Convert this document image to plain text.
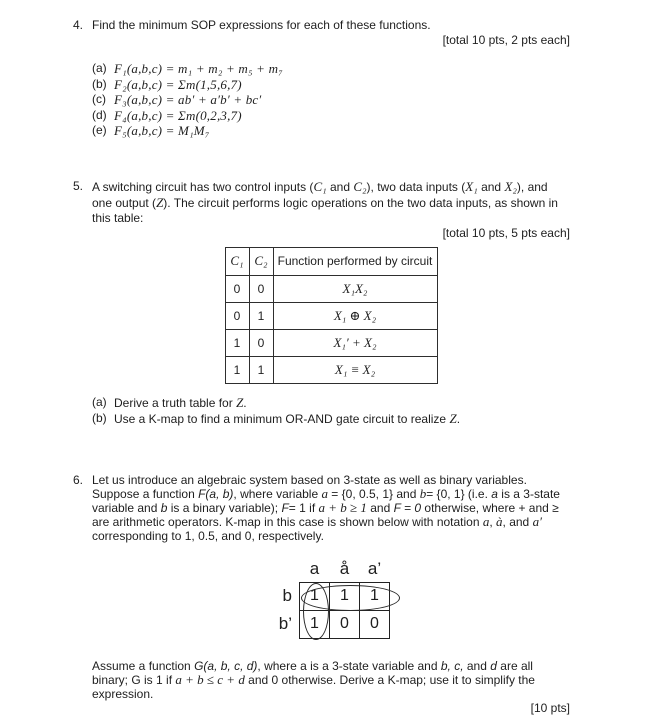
4. Find the minimum SOP expressions for each of these functions.

[total 10 pts, 2 pts each]

(a) F₁(a,b,c) = m₁ + m₂ + m₅ + m₇
(b) F₂(a,b,c) = Σm(1,5,6,7)
(c) F₃(a,b,c) = ab′ + a′b′ + bc′
(d) F₄(a,b,c) = Σm(0,2,3,7)
(e) F₅(a,b,c) = M₁M₇
5. A switching circuit has two control inputs (C₁ and C₂), two data inputs (X₁ and X₂), and one output (Z). The circuit performs logic operations on the two data inputs, as shown in this table:

[total 10 pts, 5 pts each]

C₁	C₂	Function performed by circuit
0	0	X₁X₂
0	1	X₁ ⊕ X₂
1	0	X₁′ + X₂
1	1	X₁ ≡ X₂
(a) Derive a truth table for Z.
(b) Use a K-map to find a minimum OR-AND gate circuit to realize Z.
6. Let us introduce an algebraic system based on 3-state as well as binary variables. Suppose a function F(a, b), where variable a = {0, 0.5, 1} and b= {0, 1} (i.e. a is a 3-state variable and b is a binary variable); F= 1 if a + b ≥ 1 and F = 0 otherwise, where + and ≥ are arithmetic operators. K-map in this case is shown below with notation a, à, and a′ corresponding to 1, 0.5, and 0, respectively.

	a	å	a’
b	1	1	1
b’	1	0	0

Assume a function G(a, b, c, d), where a is a 3-state variable and b, c, and d are all binary; G is 1 if a + b ≤ c + d and 0 otherwise. Derive a K-map; use it to simplify the expression.

[10 pts]
